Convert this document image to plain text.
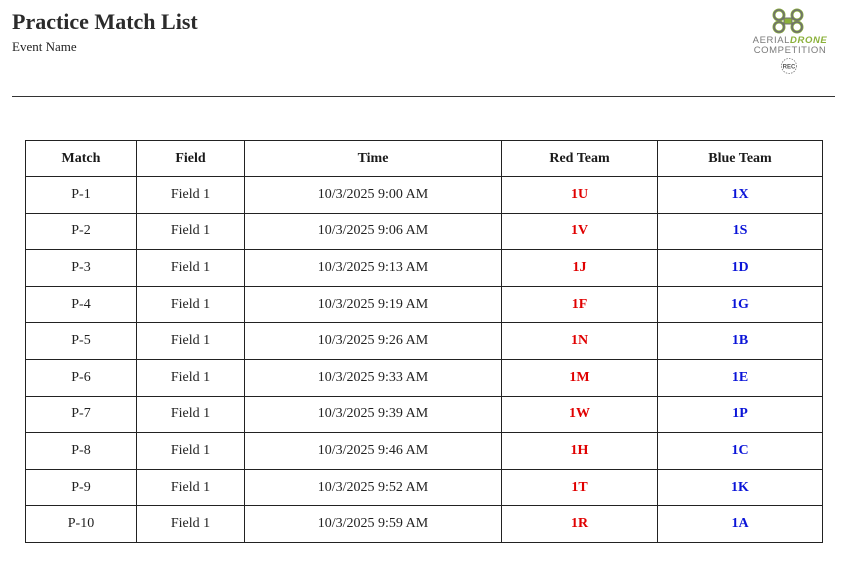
Practice Match List
Event Name	AERIALDRONE
COMPETITION
REC
Match	Field	Time	Red Team	Blue Team
P-1	Field 1	10/3/2025 9:00 AM	1U	1X
P-2	Field 1	10/3/2025 9:06 AM	1V	1S
P-3	Field 1	10/3/2025 9:13 AM	1J	1D
P-4	Field 1	10/3/2025 9:19 AM	1F	1G
P-5	Field 1	10/3/2025 9:26 AM	1N	1B
P-6	Field 1	10/3/2025 9:33 AM	1M	1E
P-7	Field 1	10/3/2025 9:39 AM	1W	1P
P-8	Field 1	10/3/2025 9:46 AM	1H	1C
P-9	Field 1	10/3/2025 9:52 AM	1T	1K
P-10	Field 1	10/3/2025 9:59 AM	1R	1A
